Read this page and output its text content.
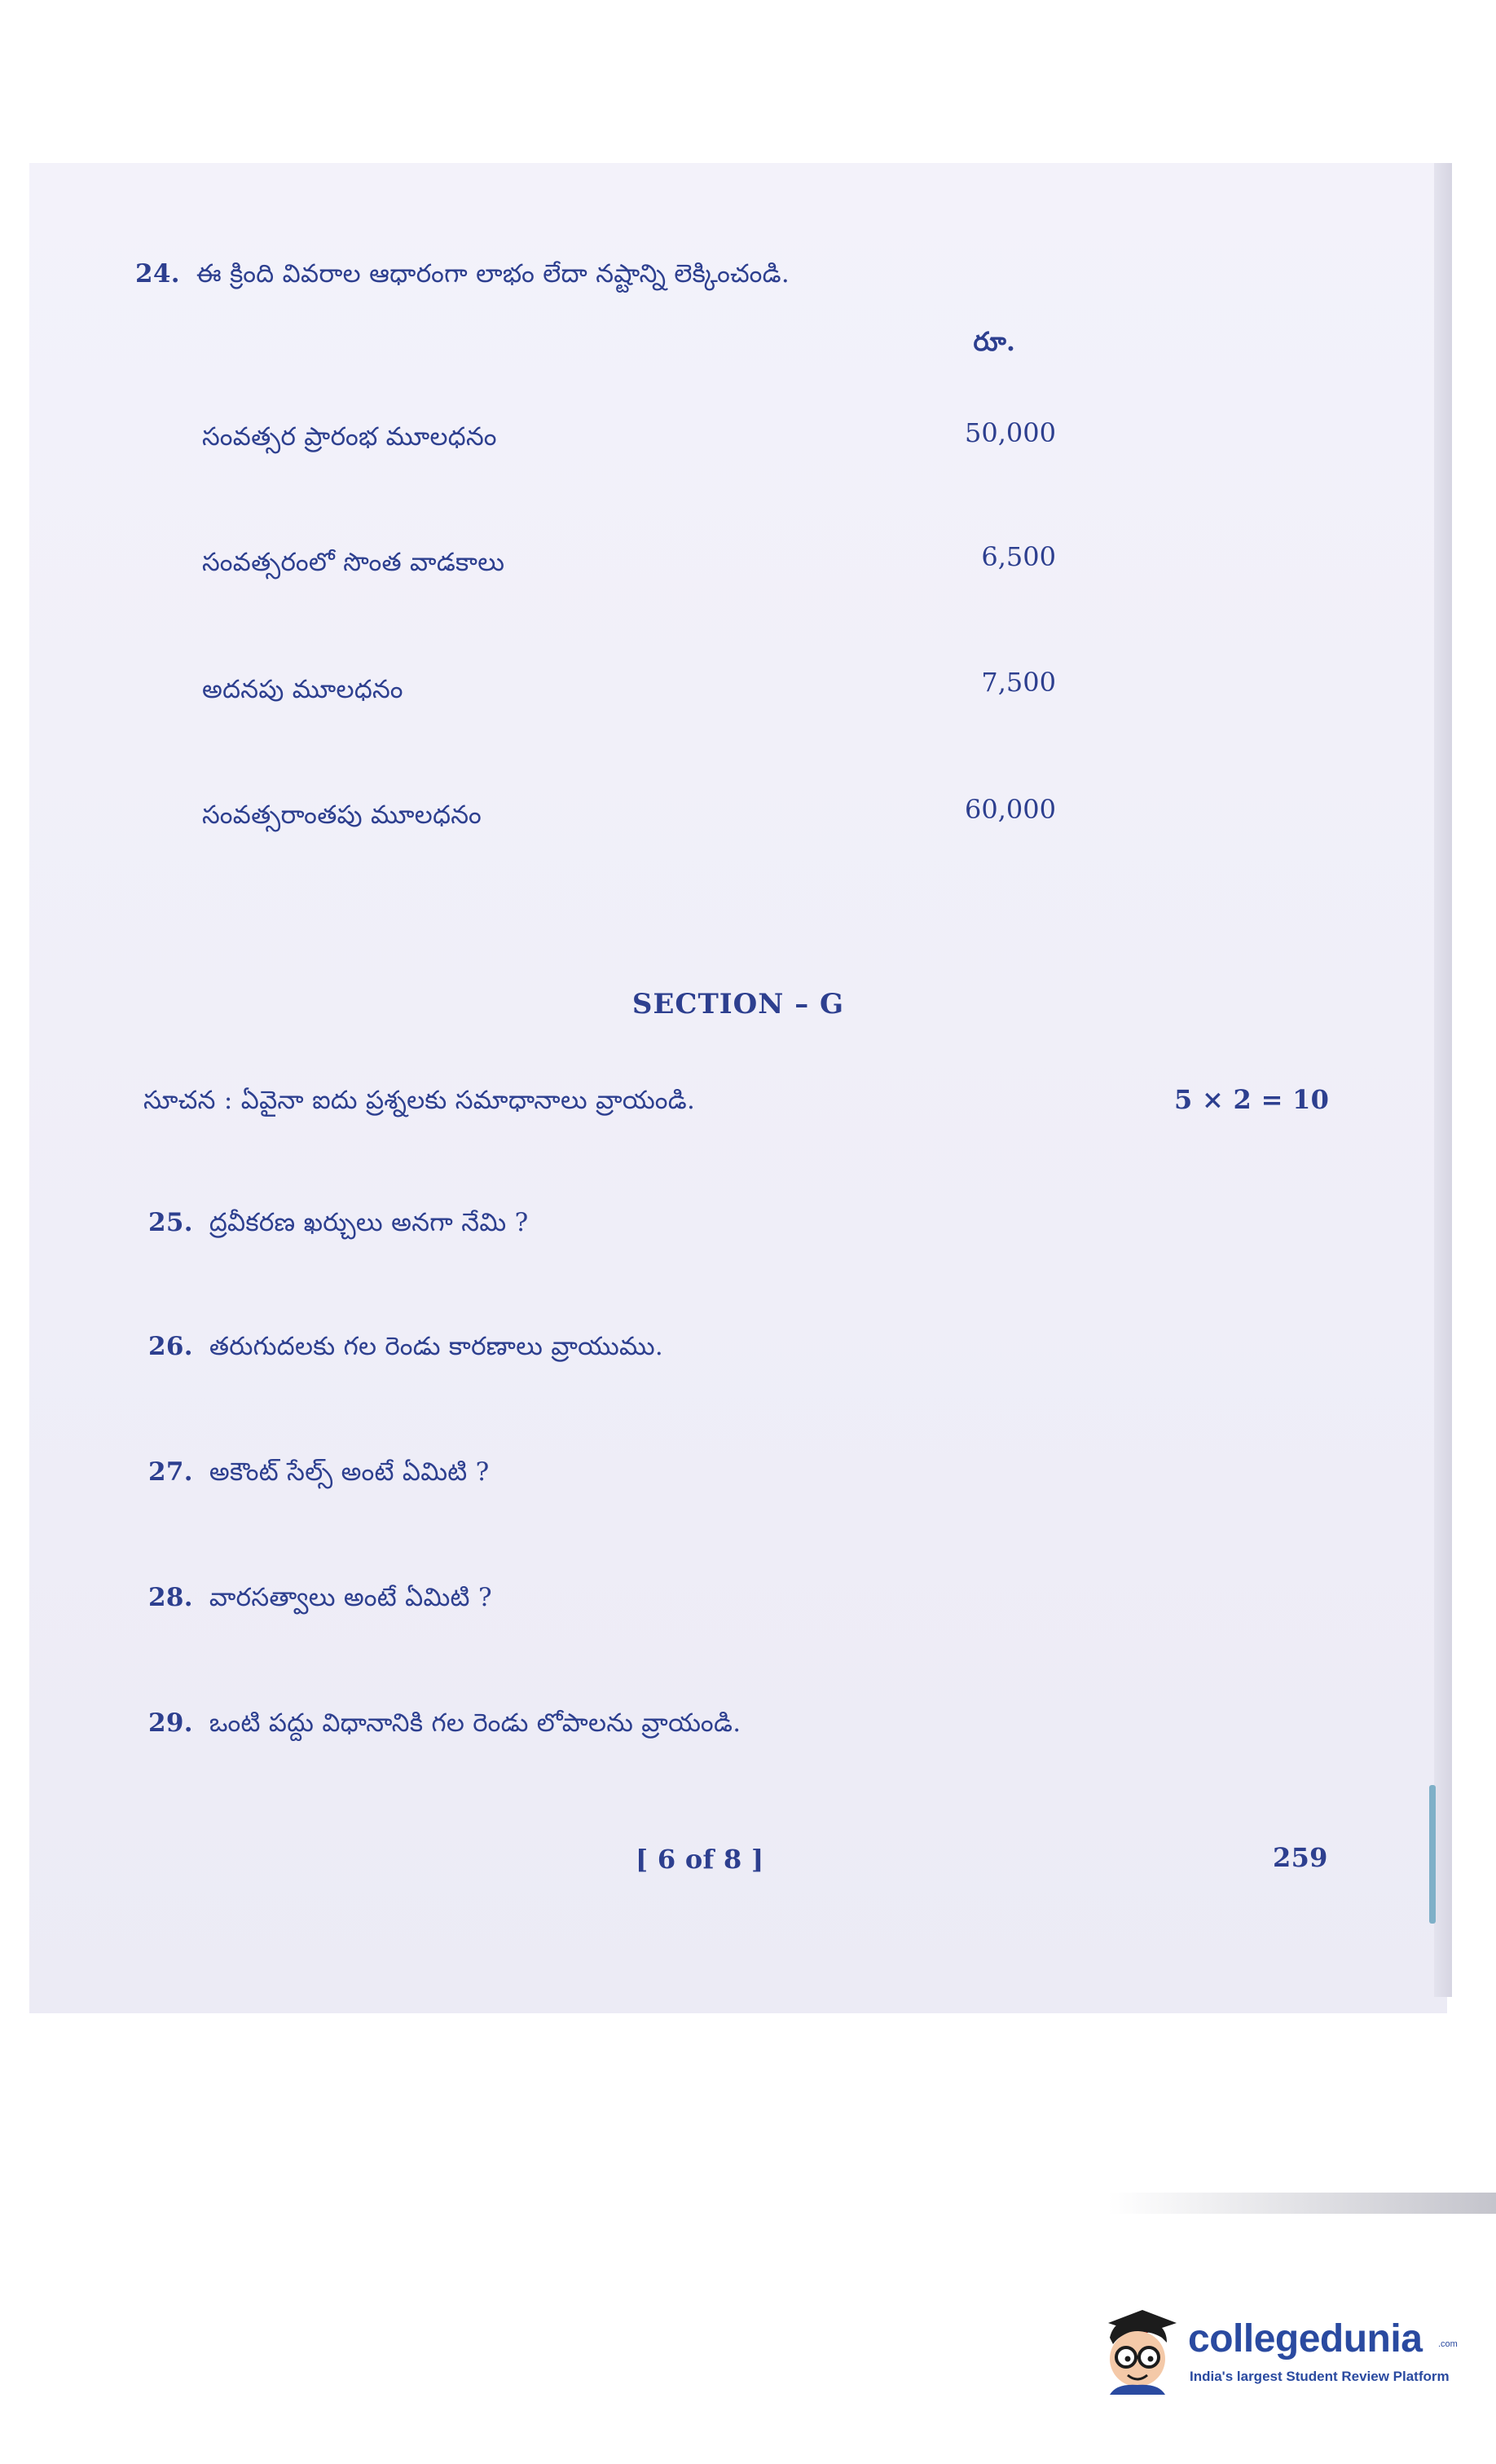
24. ఈ క్రింది వివరాల ఆధారంగా లాభం లేదా నష్టాన్ని లెక్కించండి.
రూ.
సంవత్సర ప్రారంభ మూలధనం	50,000
సంవత్సరంలో సొంత వాడకాలు	6,500
అదనపు మూలధనం	7,500
సంవత్సరాంతపు మూలధనం	60,000
SECTION – G
సూచన : ఏవైనా ఐదు ప్రశ్నలకు సమాధానాలు వ్రాయండి.	5 × 2 = 10
25. ద్రవీకరణ ఖర్చులు అనగా నేమి ?
26. తరుగుదలకు గల రెండు కారణాలు వ్రాయుము.
27. అకౌంట్ సేల్స్ అంటే ఏమిటి ?
28. వారసత్వాలు అంటే ఏమిటి ?
29. ఒంటి పద్దు విధానానికి గల రెండు లోపాలను వ్రాయండి.
[ 6 of 8 ]	259
collegedunia .com
India's largest Student Review Platform
